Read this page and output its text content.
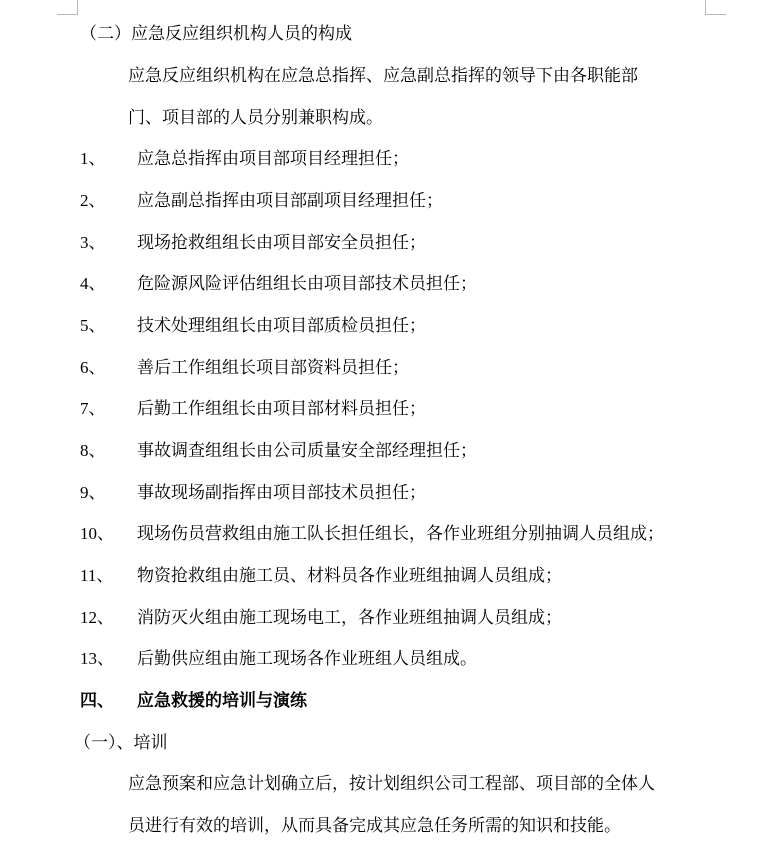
（二）应急反应组织机构人员的构成
应急反应组织机构在应急总指挥、应急副总指挥的领导下由各职能部
门、项目部的人员分别兼职构成。
1、 应急总指挥由项目部项目经理担任；
2、 应急副总指挥由项目部副项目经理担任；
3、 现场抢救组组长由项目部安全员担任；
4、 危险源风险评估组组长由项目部技术员担任；
5、 技术处理组组长由项目部质检员担任；
6、 善后工作组组长项目部资料员担任；
7、 后勤工作组组长由项目部材料员担任；
8、 事故调查组组长由公司质量安全部经理担任；
9、 事故现场副指挥由项目部技术员担任；
10、 现场伤员营救组由施工队长担任组长，各作业班组分别抽调人员组成；
11、 物资抢救组由施工员、材料员各作业班组抽调人员组成；
12、 消防灭火组由施工现场电工，各作业班组抽调人员组成；
13、 后勤供应组由施工现场各作业班组人员组成。
四、 应急救援的培训与演练
（一）、培训
应急预案和应急计划确立后，按计划组织公司工程部、项目部的全体人
员进行有效的培训，从而具备完成其应急任务所需的知识和技能。
